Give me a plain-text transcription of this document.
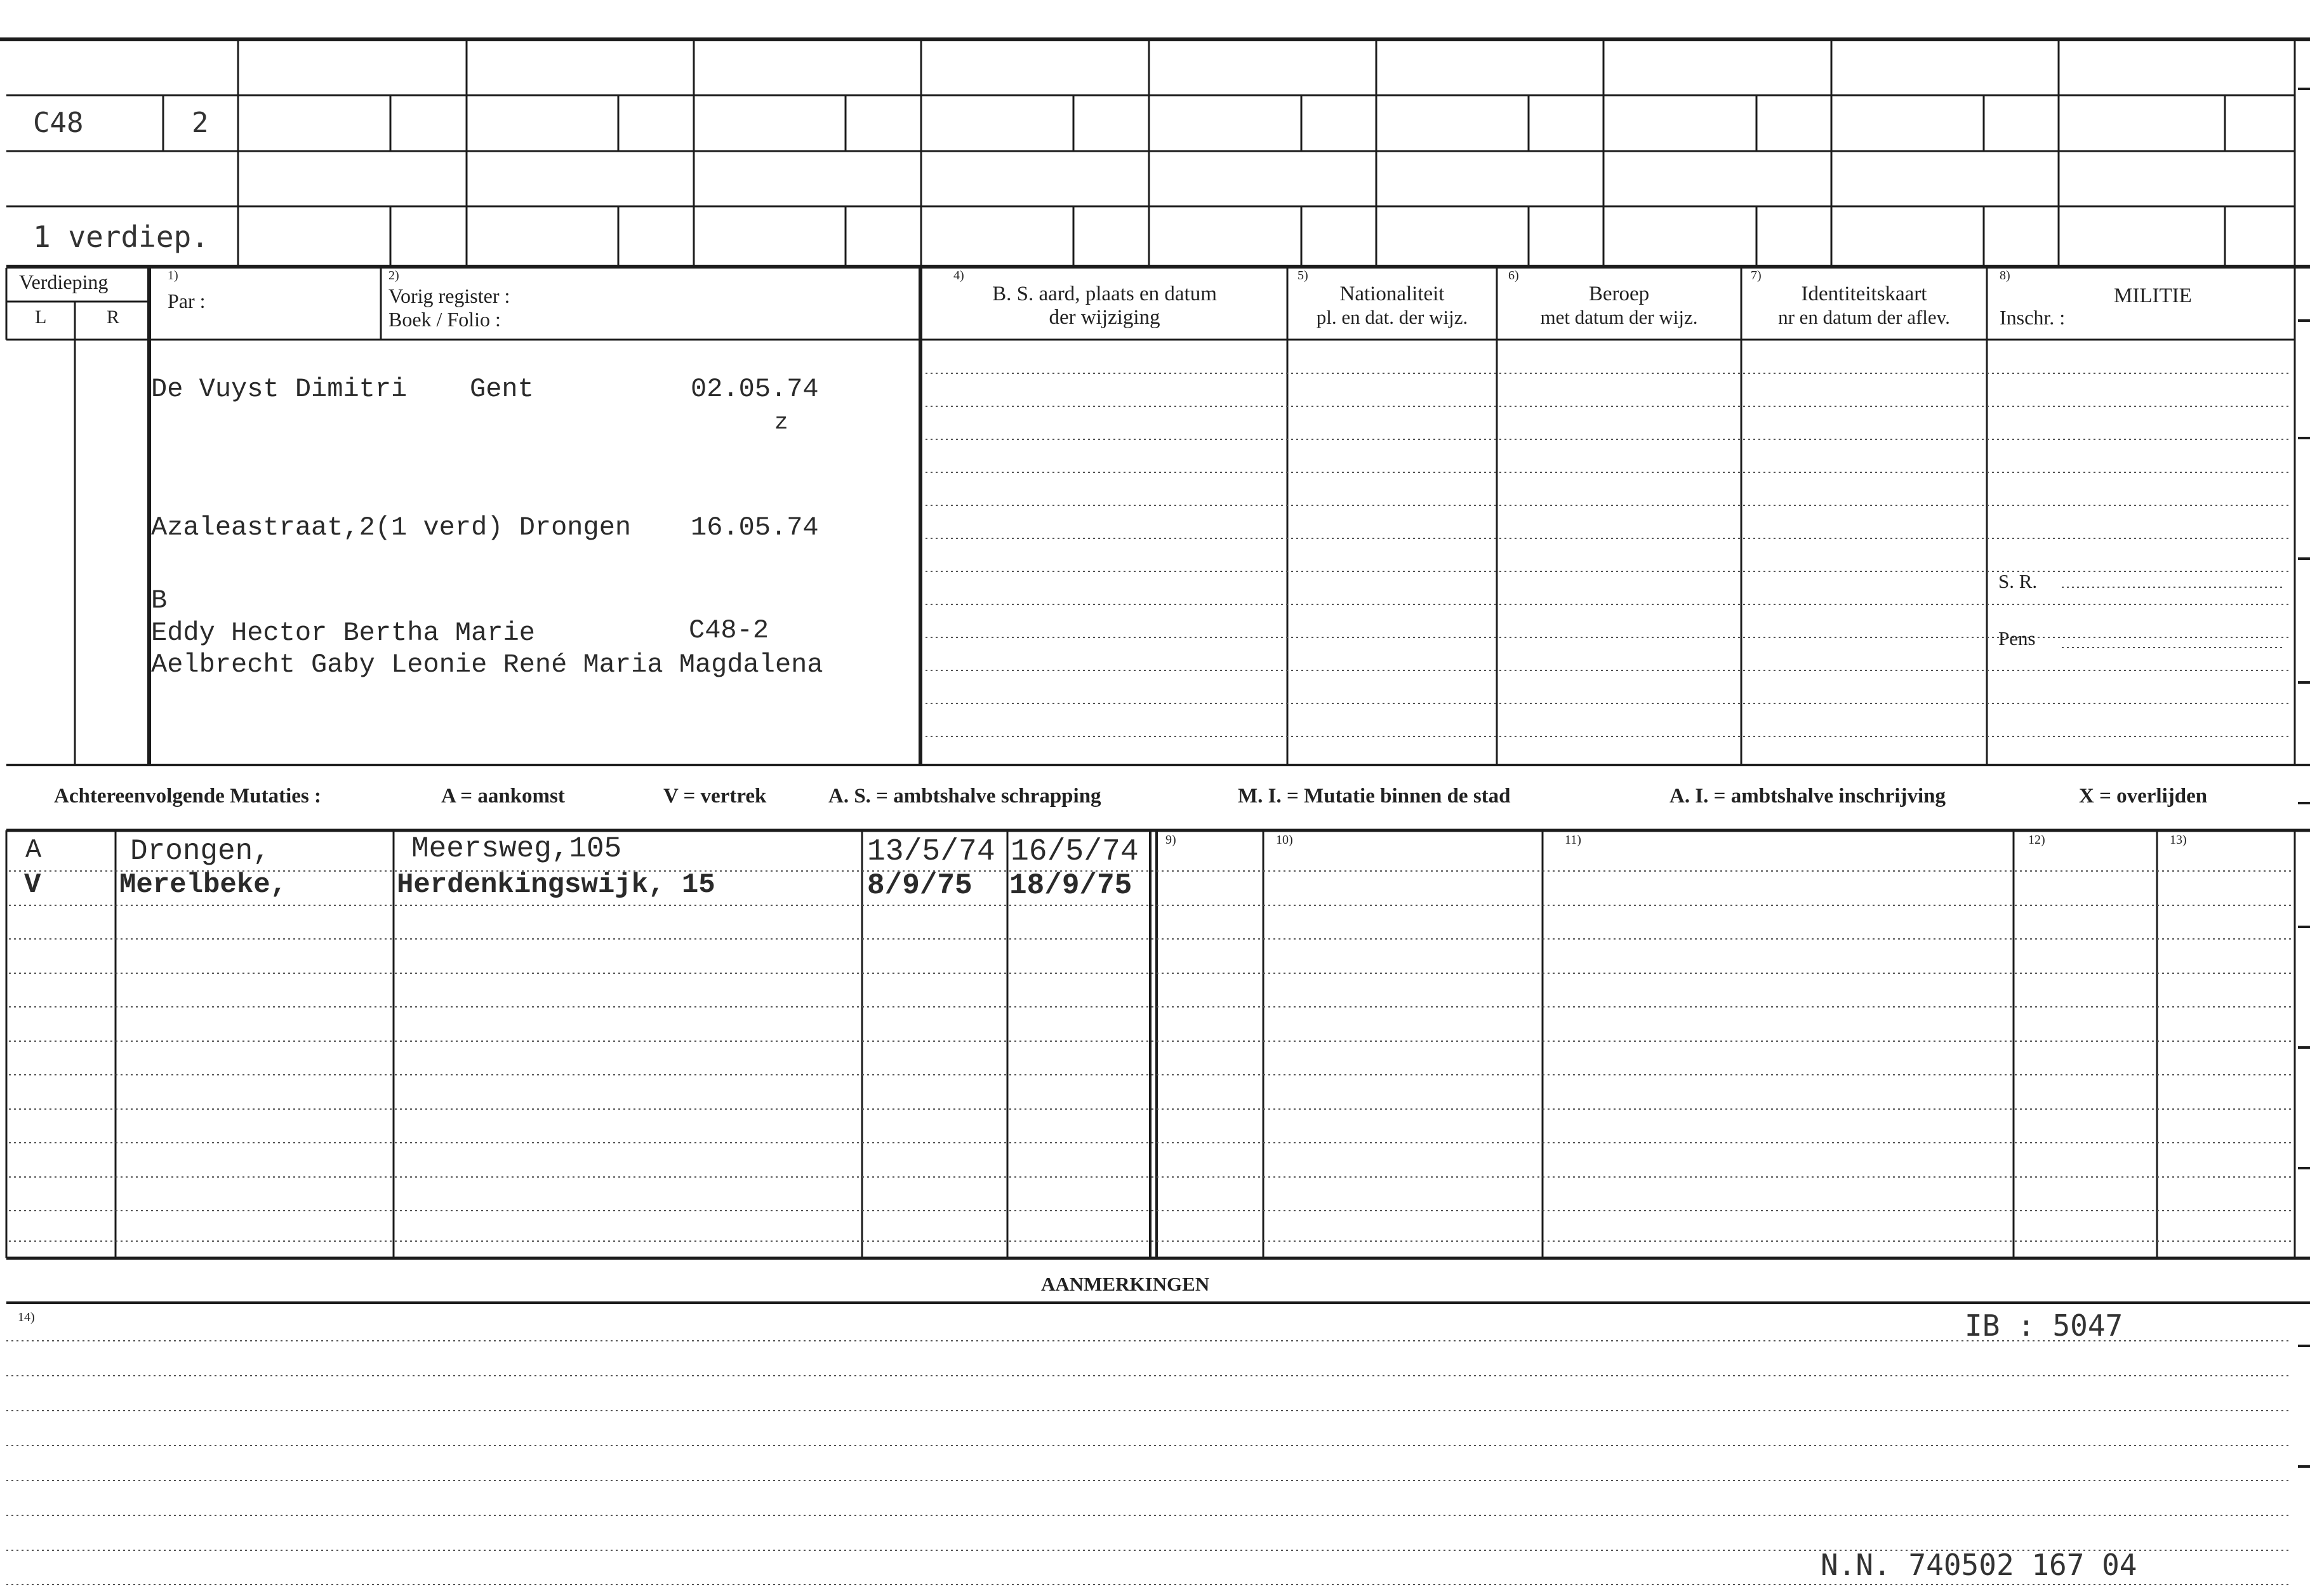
C48	2
1 verdiep.
Verdieping
L	R
1)
Par :
2)
Vorig register :
Boek / Folio :
4)
B. S. aard, plaats en datum
der wijziging
5)
Nationaliteit
pl. en dat. der wijz.
6)
Beroep
met datum der wijz.
7)
Identiteitskaart
nr en datum der aflev.
8)
MILITIE
Inschr. :
De Vuyst Dimitri Gent	02.05.74
z
Azaleastraat,2(1 verd) Drongen 16.05.74
B
Eddy Hector Bertha Marie	C48-2
Aelbrecht Gaby Leonie René Maria Magdalena
S. R.
Pens
Achtereenvolgende Mutaties :	A = aankomst	V = vertrek	A. S. = ambtshalve schrapping	M. I. = Mutatie binnen de stad	A. I. = ambtshalve inschrijving	X = overlijden
9)	10)	11)	12)	13)
A	Drongen,	Meersweg,105	13/5/74 16/5/74
V	Merelbeke,	Herdenkingswijk, 15	8/9/75 18/9/75
AANMERKINGEN
14)	IB : 5047
N.N. 740502 167 04
